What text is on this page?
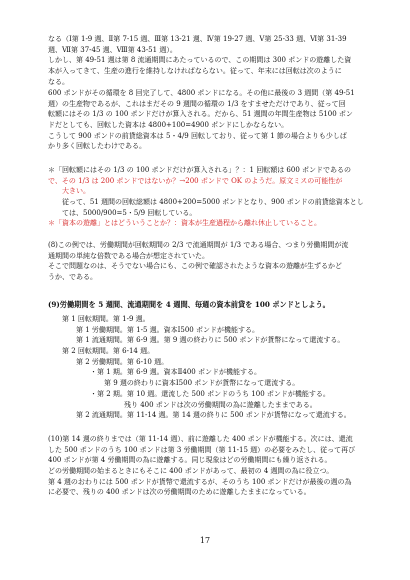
なる（Ⅰ第 1-9 週、Ⅱ第 7-15 週、Ⅲ第 13-21 週、Ⅳ第 19-27 週、Ⅴ第 25-33 週、Ⅵ第 31-39
週、Ⅶ第 37-45 週、Ⅷ第 43-51 週）。
しかし、第 49-51 週は第 8 流通期間にあたっているので、この期間は 300 ポンドの遊離した資
本が入ってきて、生産の進行を維持しなければならない。従って、年末には回転は次のように
なる。
600 ポンドがその循環を 8 回完了して、4800 ポンドになる。その他に最後の 3 週間（第 49-51
週）の生産物であるが、これはまだその 9 週間の循環の 1/3 をすませただけであり、従って回
転額にはその 1/3 の 100 ポンドだけが算入される。だから、51 週間の年間生産物は 5100 ポン
ドだとしても、回転した資本は 4800+100=4900 ポンドにしかならない。
こうして 900 ポンドの前貸総資本は 5・4/9 回転しており、従って第 1 節の場合よりも少しば
かり多く回転したわけである。
＊「回転額にはその 1/3 の 100 ポンドだけが算入される」？：1 回転額は 600 ポンドであるの
で、その 1/3 は 200 ポンドではないか？→200 ポンドで OK のようだ。原文ミスの可能性が
大きい。
従って、51 週間の回転総額は 4800+200=5000 ポンドとなり、900 ポンドの前貸総資本とし
ては、5000/900=5・5/9 回転している。
＊「資本の遊離」とはどういうことか？：資本が生産過程から離れ休止していること。
(8)この例では、労働期間が回転期間の 2/3 で流通期間が 1/3 である場合、つまり労働期間が流
通期間の単純な倍数である場合が想定されていた。
そこで問題なのは、そうでない場合にも、この例で確認されたような資本の遊離が生ずるかど
うか、である。
(9)労働期間を 5 週間、流通期間を 4 週間、毎週の資本前貸を 100 ポンドとしよう。
第 1 回転期間。第 1-9 週。
第 1 労働期間。第 1-5 週。資本Ⅰ500 ポンドが機能する。
第 1 流通期間。第 6-9 週。第 9 週の終わりに 500 ポンドが貨幣になって還流する。
第 2 回転期間。第 6-14 週。
第 2 労働期間。第 6-10 週。
・第 1 期。第 6-9 週。資本Ⅱ400 ポンドが機能する。
第 9 週の終わりに資本Ⅰ500 ポンドが貨幣になって還流する。
・第 2 期。第 10 週。還流した 500 ポンドのうち 100 ポンドが機能する。
残り 400 ポンドは次の労働期間の為に遊離したままである。
第 2 流通期間。第 11-14 週。第 14 週の終りに 500 ポンドが貨幣になって還流する。
(10)第 14 週の終りまでは（第 11-14 週）、前に遊離した 400 ポンドが機能する。次には、還流
した 500 ポンドのうち 100 ポンドは第 3 労働期間（第 11-15 週）の必要をみたし、従って再び
400 ポンドが第 4 労働期間の為に遊離する。同じ現象はどの労働期間にも繰り返される。
どの労働期間の始まるときにもそこに 400 ポンドがあって、最初の 4 週間の為に役立つ。
第 4 週のおわりには 500 ポンドが貨幣で還流するが、そのうち 100 ポンドだけが最後の週の為
に必要で、残りの 400 ポンドは次の労働期間のために遊離したままになっている。
17
